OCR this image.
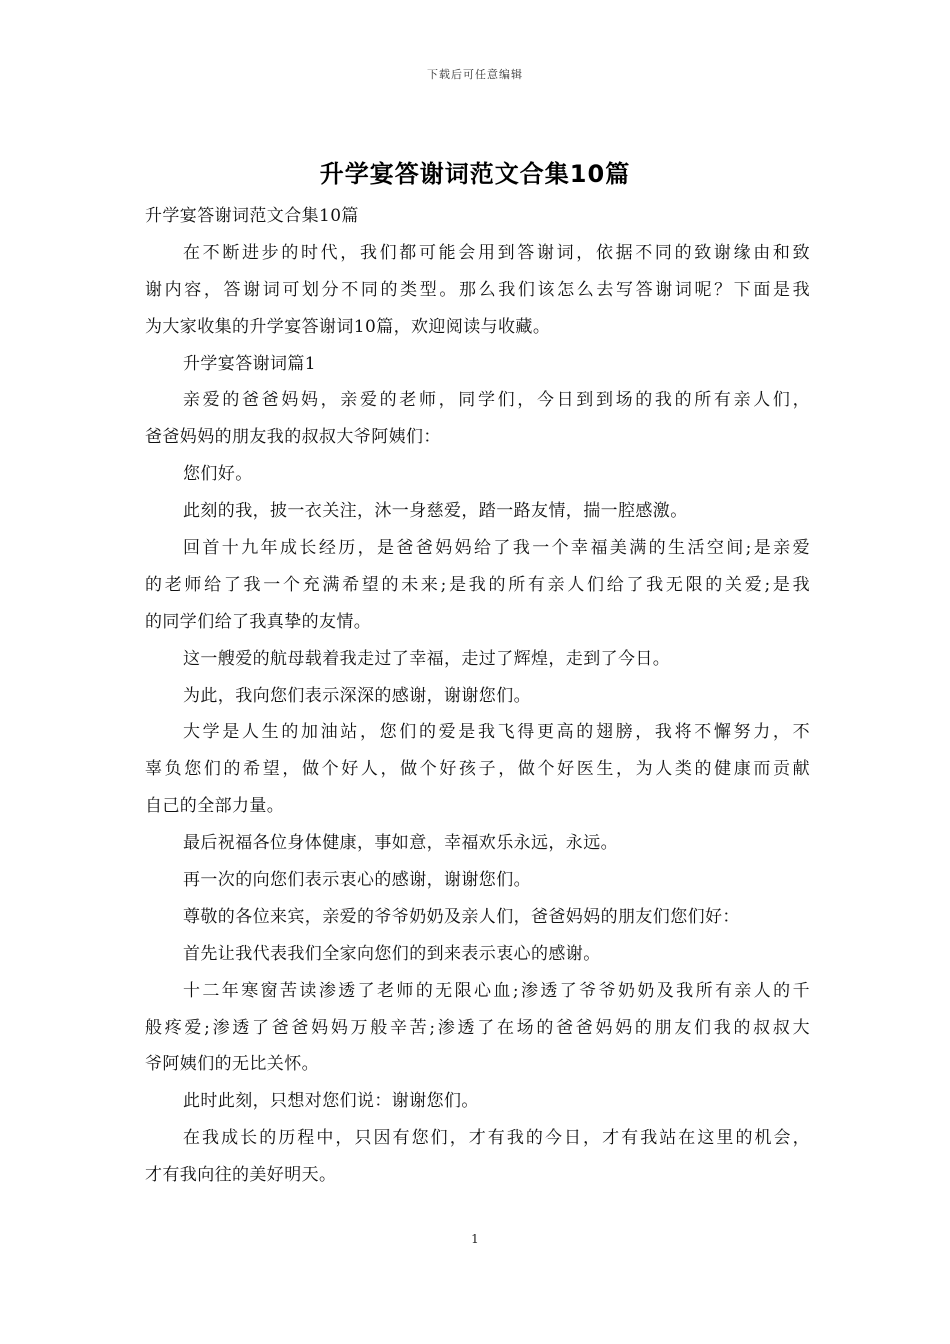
下载后可任意编辑
升学宴答谢词范文合集10篇
升学宴答谢词范文合集10篇
在不断进步的时代，我们都可能会用到答谢词，依据不同的致谢缘由和致
谢内容，答谢词可划分不同的类型。那么我们该怎么去写答谢词呢？下面是我
为大家收集的升学宴答谢词10篇，欢迎阅读与收藏。
升学宴答谢词篇1
亲爱的爸爸妈妈，亲爱的老师，同学们，今日到到场的我的所有亲人们，
爸爸妈妈的朋友我的叔叔大爷阿姨们：
您们好。
此刻的我，披一衣关注，沐一身慈爱，踏一路友情，揣一腔感激。
回首十九年成长经历，是爸爸妈妈给了我一个幸福美满的生活空间;是亲爱
的老师给了我一个充满希望的未来;是我的所有亲人们给了我无限的关爱;是我
的同学们给了我真挚的友情。
这一艘爱的航母载着我走过了幸福，走过了辉煌，走到了今日。
为此，我向您们表示深深的感谢，谢谢您们。
大学是人生的加油站，您们的爱是我飞得更高的翅膀，我将不懈努力，不
辜负您们的希望，做个好人，做个好孩子，做个好医生，为人类的健康而贡献
自己的全部力量。
最后祝福各位身体健康，事如意，幸福欢乐永远，永远。
再一次的向您们表示衷心的感谢，谢谢您们。
尊敬的各位来宾，亲爱的爷爷奶奶及亲人们，爸爸妈妈的朋友们您们好：
首先让我代表我们全家向您们的到来表示衷心的感谢。
十二年寒窗苦读渗透了老师的无限心血;渗透了爷爷奶奶及我所有亲人的千
般疼爱;渗透了爸爸妈妈万般辛苦;渗透了在场的爸爸妈妈的朋友们我的叔叔大
爷阿姨们的无比关怀。
此时此刻，只想对您们说：谢谢您们。
在我成长的历程中，只因有您们，才有我的今日，才有我站在这里的机会，
才有我向往的美好明天。
1
